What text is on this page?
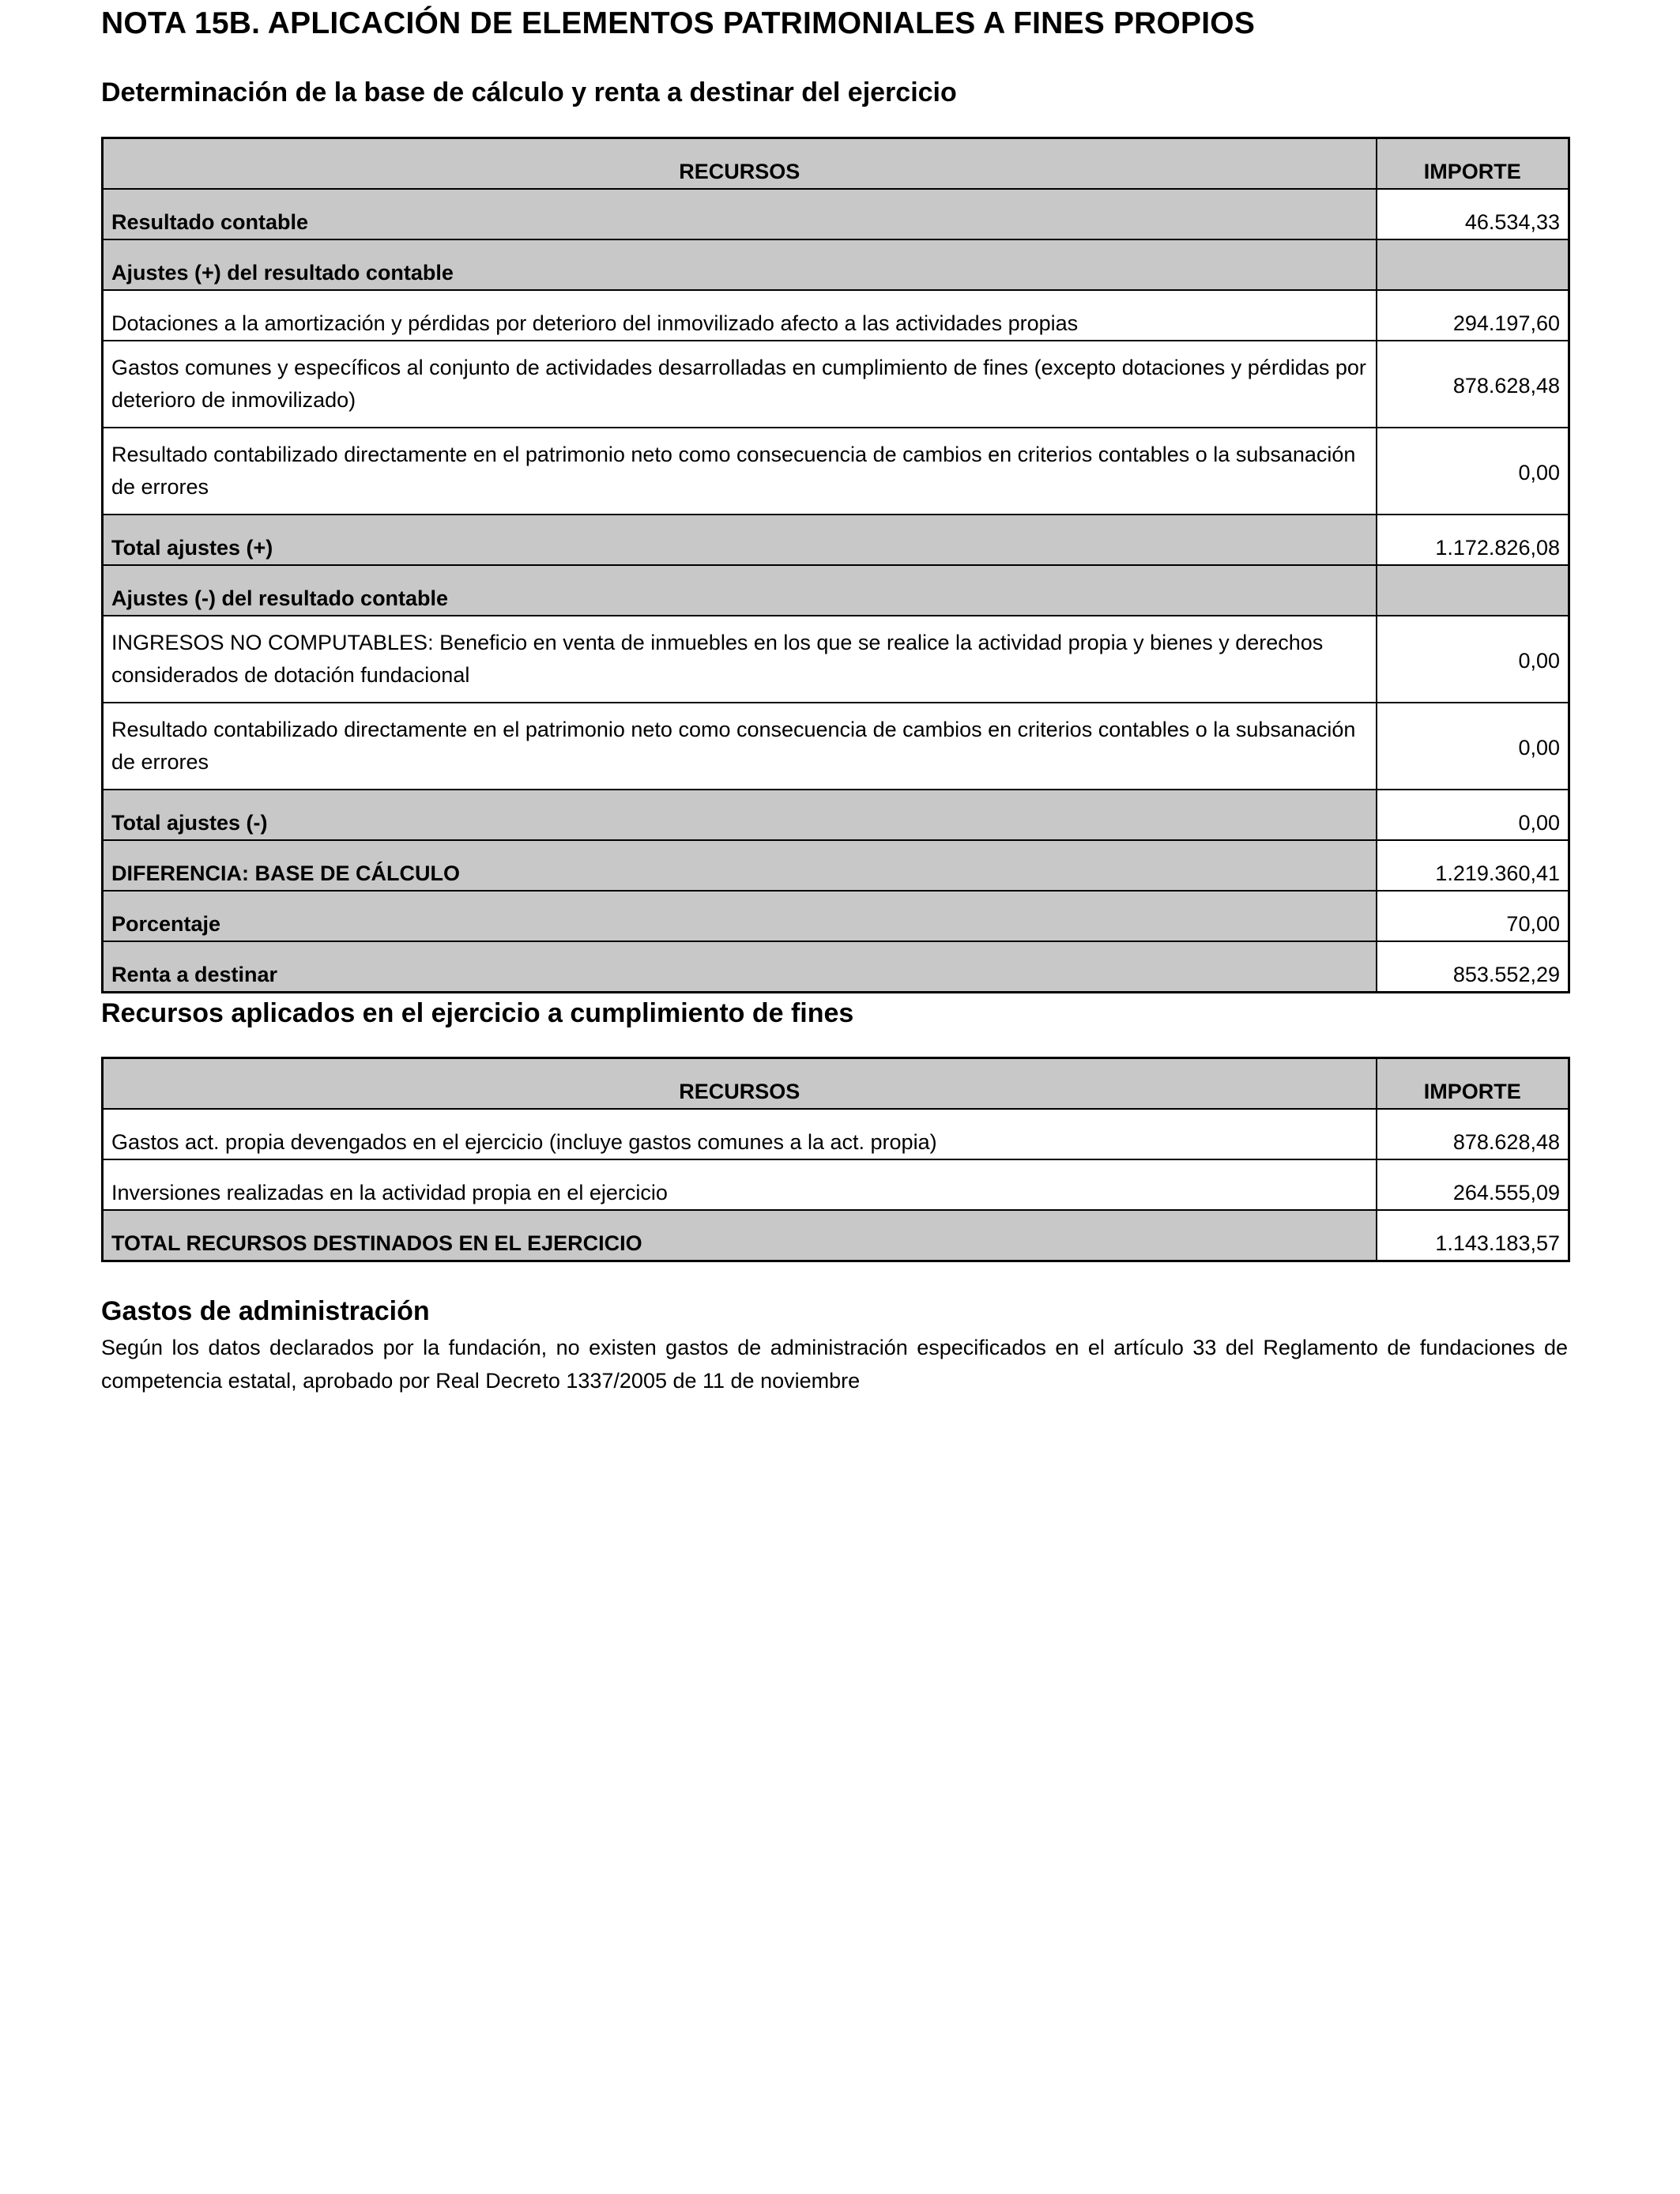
NOTA 15B. APLICACIÓN DE ELEMENTOS PATRIMONIALES A FINES PROPIOS
Determinación de la base de cálculo y renta a destinar del ejercicio
RECURSOS	IMPORTE
Resultado contable	46.534,33
Ajustes (+) del resultado contable	
Dotaciones a la amortización y pérdidas por deterioro del inmovilizado afecto a las actividades propias	294.197,60
Gastos comunes y específicos al conjunto de actividades desarrolladas en cumplimiento de fines (excepto dotaciones y pérdidas por deterioro de inmovilizado)	878.628,48
Resultado contabilizado directamente en el patrimonio neto como consecuencia de cambios en criterios contables o la subsanación de errores	0,00
Total ajustes (+)	1.172.826,08
Ajustes (-) del resultado contable	
INGRESOS NO COMPUTABLES: Beneficio en venta de inmuebles en los que se realice la actividad propia y bienes y derechos considerados de dotación fundacional	0,00
Resultado contabilizado directamente en el patrimonio neto como consecuencia de cambios en criterios contables o la subsanación de errores	0,00
Total ajustes (-)	0,00
DIFERENCIA: BASE DE CÁLCULO	1.219.360,41
Porcentaje	70,00
Renta a destinar	853.552,29
Recursos aplicados en el ejercicio a cumplimiento de fines
RECURSOS	IMPORTE
Gastos act. propia devengados en el ejercicio (incluye gastos comunes a la act. propia)	878.628,48
Inversiones realizadas en la actividad propia en el ejercicio	264.555,09
TOTAL RECURSOS DESTINADOS EN EL EJERCICIO	1.143.183,57
Gastos de administración

Según los datos declarados por la fundación, no existen gastos de administración especificados en el artículo 33 del Reglamento de fundaciones de competencia estatal, aprobado por Real Decreto 1337/2005 de 11 de noviembre
